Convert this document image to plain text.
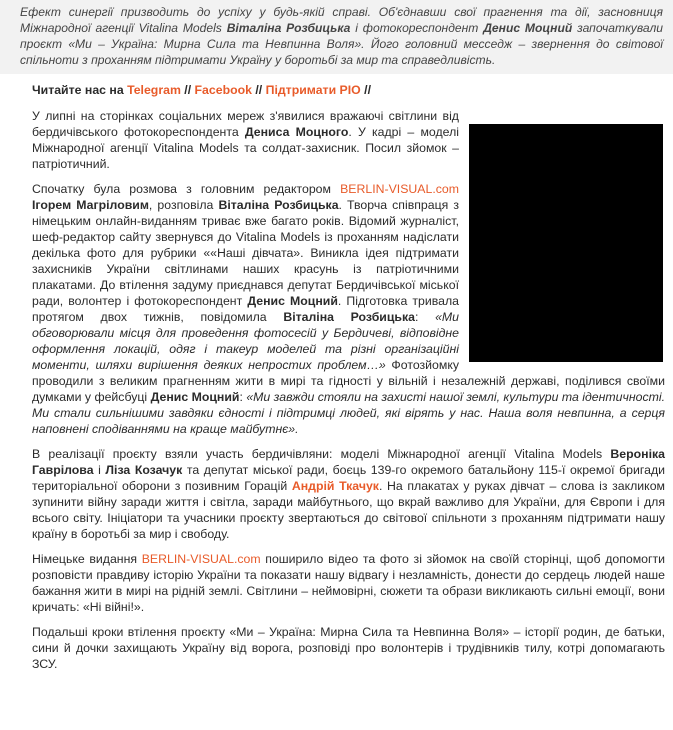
Ефект синергії призводить до успіху у будь-якій справі. Об'єднавши свої прагнення та дії, засновниця Міжнародної агенції Vitalina Models Віталіна Розбицька і фотокореспондент Денис Моцний започаткували проєкт «Ми – Україна: Мирна Сила та Невпинна Воля». Його головний месседж – звернення до світової спільноти з проханням підтримати Україну у боротьбі за мир та справедливість.
Читайте нас на Telegram // Facebook // Підтримати РІО //

У липні на сторінках соціальних мереж з'явилися вражаючі світлини від бердичівського фотокореспондента Дениса Моцного. У кадрі – моделі Міжнародної агенції Vitalina Models та солдат-захисник. Посил зйомок – патріотичний.

Спочатку була розмова з головним редактором BERLIN-VISUAL.com Ігорем Магріловим, розповіла Віталіна Розбицька. Творча співпраця з німецьким онлайн-виданням триває вже багато років. Відомий журналіст, шеф-редактор сайту звернувся до Vitalina Models із проханням надіслати декілька фото для рубрики ««Наші дівчата». Виникла ідея підтримати захисників України світлинами наших красунь із патріотичними плакатами. До втілення задуму приєднався депутат Бердичівської міської ради, волонтер і фотокореспондент Денис Моцний. Підготовка тривала протягом двох тижнів, повідомила Віталіна Розбицька: «Ми обговорювали місця для проведення фотосесій у Бердичеві, відповідне оформлення локацій, одяг і такеур моделей та різні організаційні моменти, шляхи вирішення деяких непростих проблем…» Фотозйомку проводили з великим прагненням жити в мирі та гідності у вільній і незалежній державі, поділився своїми думками у фейсбуці Денис Моцний: «Ми завжди стояли на захисті нашої землі, культури та ідентичності. Ми стали сильнішими завдяки єдності і підтримці людей, які вірять у нас. Наша воля невпинна, а серця наповнені сподіваннями на краще майбутнє».

В реалізації проєкту взяли участь бердичівляни: моделі Міжнародної агенції Vitalina Models Вероніка Гаврілова і Ліза Козачук та депутат міської ради, боєць 139-го окремого батальйону 115-ї окремої бригади територіальної оборони з позивним Горацій Андрій Ткачук. На плакатах у руках дівчат – слова із закликом зупинити війну заради життя і світла, заради майбутнього, що вкрай важливо для України, для Європи і для всього світу. Ініціатори та учасники проєкту звертаються до світової спільноти з проханням підтримати нашу країну в боротьбі за мир і свободу.

Німецьке видання BERLIN-VISUAL.com поширило відео та фото зі зйомок на своїй сторінці, щоб допомогти розповісти правдиву історію України та показати нашу відвагу і незламність, донести до сердець людей наше бажання жити в мирі на рідній землі. Світлини – неймовірні, сюжети та образи викликають сильні емоції, вони кричать: «Ні війні!».

Подальші кроки втілення проєкту «Ми – Україна: Мирна Сила та Невпинна Воля» – історії родин, де батьки, сини й дочки захищають Україну від ворога, розповіді про волонтерів і трудівників тилу, котрі допомагають ЗСУ.
